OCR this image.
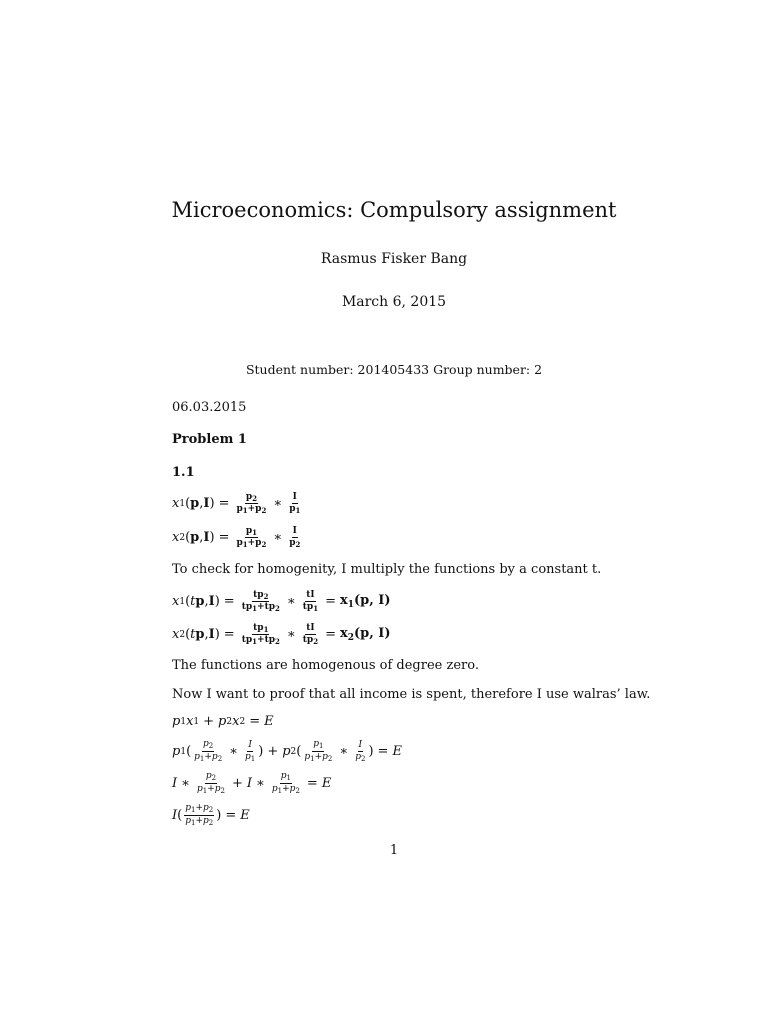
Microeconomics: Compulsory assignment
Rasmus Fisker Bang
March 6, 2015
Student number: 201405433 Group number: 2
06.03.2015
Problem 1
1.1
x 1 ( p , I ) = $\frac{p_2}{p_1+p_2}$ ∗ $\frac{I}{p_1}$
x 2 ( p , I ) = $\frac{p_1}{p_1+p_2}$ ∗ $\frac{I}{p_2}$
To check for homogenity, I multiply the functions by a constant t.
x 1 ( t p , I ) = $\frac{tp_2}{tp_1+tp_2}$ ∗ $\frac{tI}{tp_1} = x_1(p$, I)
x 2 ( t p , I ) = $\frac{tp_1}{tp_1+tp_2}$ ∗ $\frac{tI}{tp_2} = x_2(p$, I)
The functions are homogenous of degree zero.
Now I want to proof that all income is spent, therefore I use walras’ law.
p 1 x 1 + p 2 x 2 = E
p 1 ( $\frac{p_2}{p_1+p_2}$ ∗ $\frac{I}{p_1}$ ) + p 2 ( $\frac{p_1}{p_1+p_2}$ ∗ $\frac{I}{p_2}$ ) = E
I ∗ $\frac{p_2}{p_1+p_2} + I$ ∗ $\frac{p_1}{p_1+p_2} = E$
I ( $\frac{p_1+p_2}{p_1+p_2}$ ) = E
1
